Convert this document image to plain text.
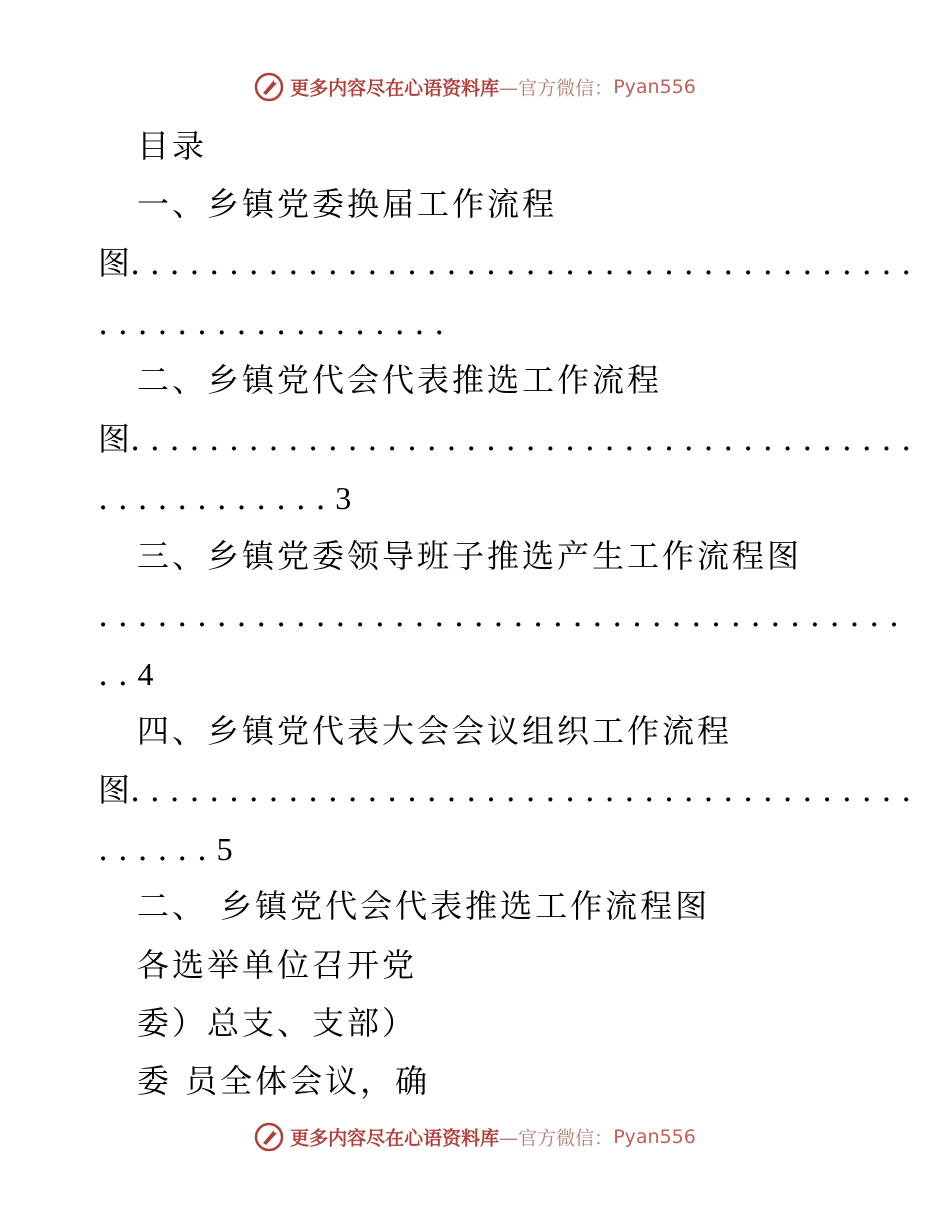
更多内容尽在心语资料库—官方微信：Pyan556
目录
一、乡镇党委换届工作流程
图........................................
..................
二、乡镇党代会代表推选工作流程
图........................................
............3
三、乡镇党委领导班子推选产生工作流程图
.........................................
..4
四、乡镇党代表大会会议组织工作流程
图........................................
......5
二、 乡镇党代会代表推选工作流程图
各选举单位召开党
委）总支、支部）
委 员全体会议，确
更多内容尽在心语资料库—官方微信：Pyan556
